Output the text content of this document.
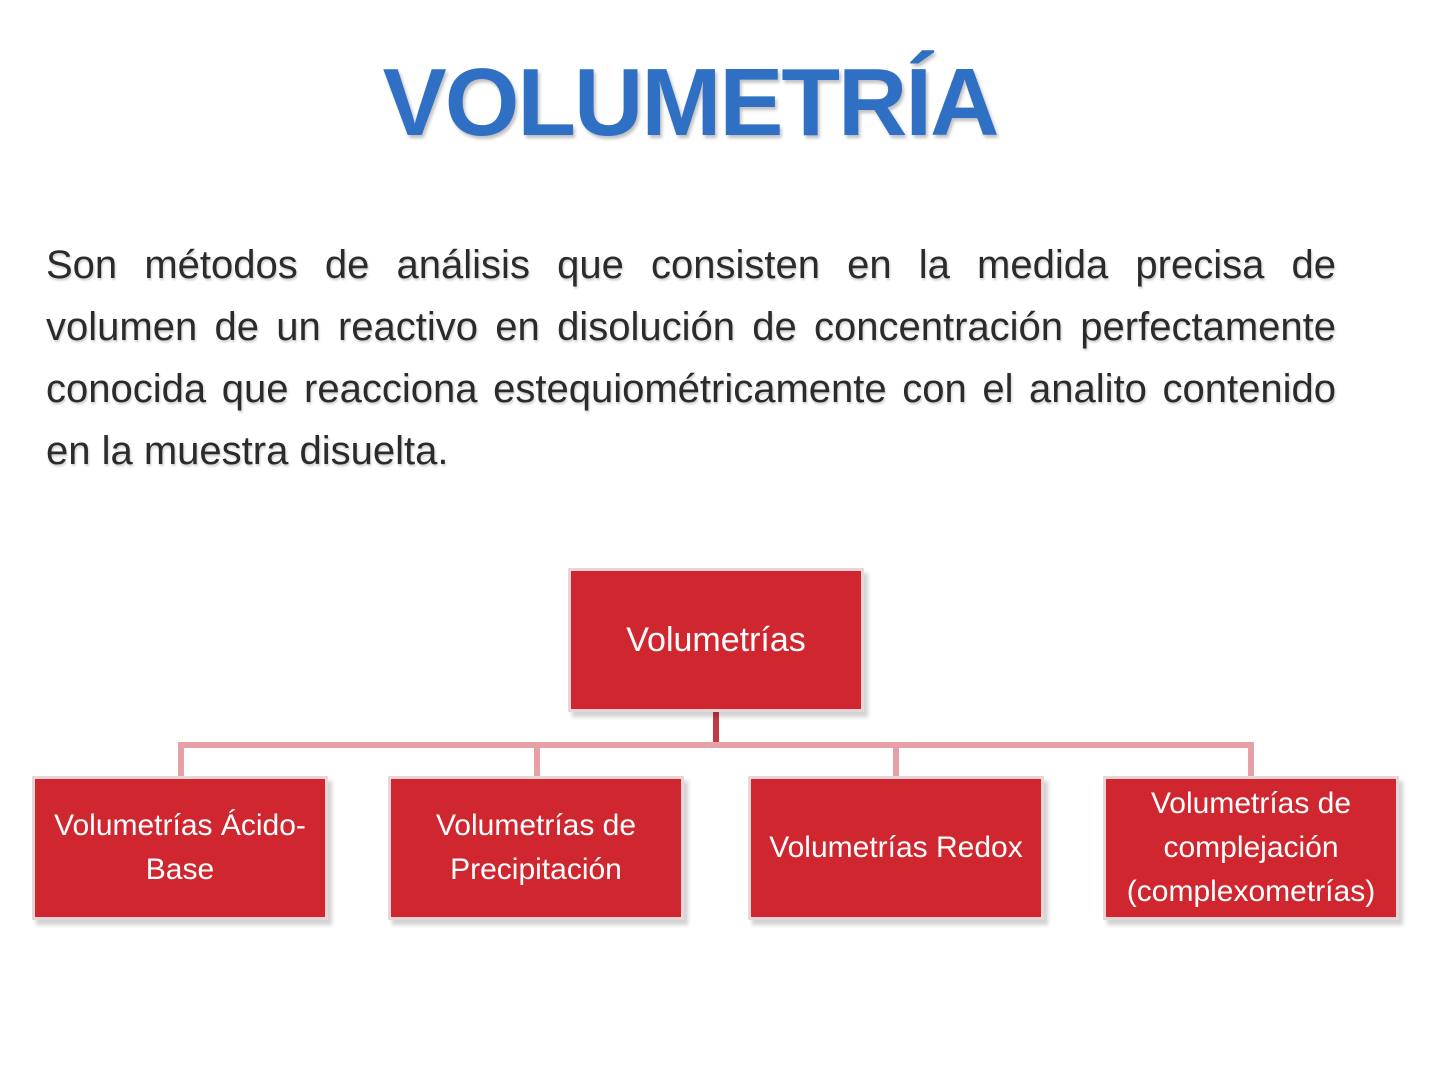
VOLUMETRÍA
Son métodos de análisis que consisten en la medida precisa de volumen de un reactivo en disolución de concentración perfectamente conocida que reacciona estequiométricamente con el analito contenido en la muestra disuelta.
Volumetrías
Volumetrías Ácido-Base
Volumetrías de Precipitación
Volumetrías Redox
Volumetrías de complejación (complexometrías)
